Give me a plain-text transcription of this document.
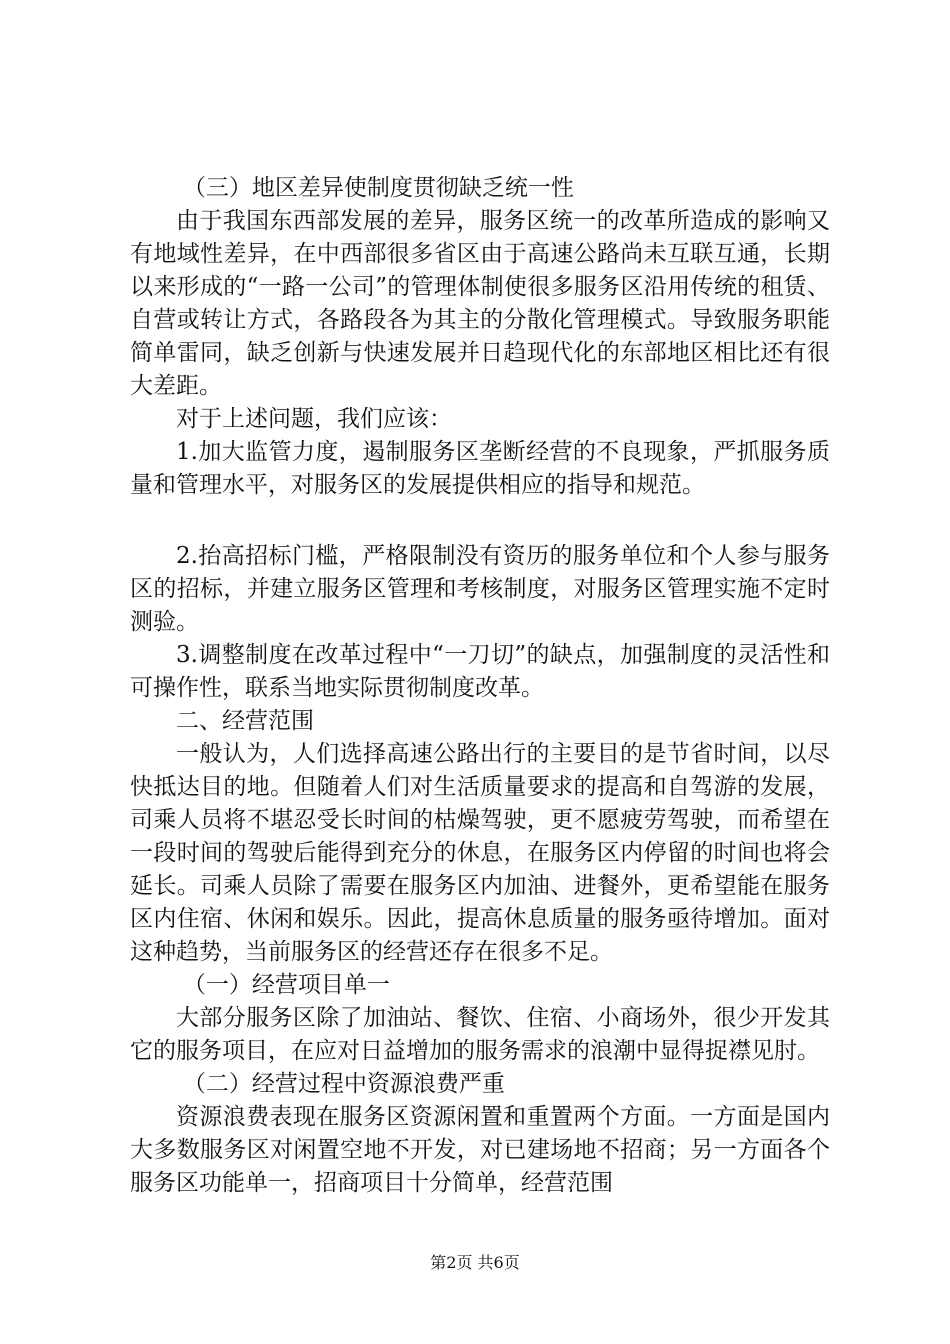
（三）地区差异使制度贯彻缺乏统一性

由于我国东西部发展的差异，服务区统一的改革所造成的影响又有地域性差异，在中西部很多省区由于高速公路尚未互联互通，长期以来形成的“一路一公司”的管理体制使很多服务区沿用传统的租赁、自营或转让方式，各路段各为其主的分散化管理模式。导致服务职能简单雷同，缺乏创新与快速发展并日趋现代化的东部地区相比还有很大差距。

对于上述问题，我们应该：

1.加大监管力度，遏制服务区垄断经营的不良现象，严抓服务质量和管理水平，对服务区的发展提供相应的指导和规范。

2.抬高招标门槛，严格限制没有资历的服务单位和个人参与服务区的招标，并建立服务区管理和考核制度，对服务区管理实施不定时测验。

3.调整制度在改革过程中“一刀切”的缺点，加强制度的灵活性和可操作性，联系当地实际贯彻制度改革。

二、经营范围

一般认为，人们选择高速公路出行的主要目的是节省时间，以尽快抵达目的地。但随着人们对生活质量要求的提高和自驾游的发展，司乘人员将不堪忍受长时间的枯燥驾驶，更不愿疲劳驾驶，而希望在一段时间的驾驶后能得到充分的休息，在服务区内停留的时间也将会延长。司乘人员除了需要在服务区内加油、进餐外，更希望能在服务区内住宿、休闲和娱乐。因此，提高休息质量的服务亟待增加。面对这种趋势，当前服务区的经营还存在很多不足。

（一）经营项目单一

大部分服务区除了加油站、餐饮、住宿、小商场外，很少开发其它的服务项目，在应对日益增加的服务需求的浪潮中显得捉襟见肘。

（二）经营过程中资源浪费严重

资源浪费表现在服务区资源闲置和重置两个方面。一方面是国内大多数服务区对闲置空地不开发，对已建场地不招商；另一方面各个服务区功能单一，招商项目十分简单，经营范围

第2页 共6页
